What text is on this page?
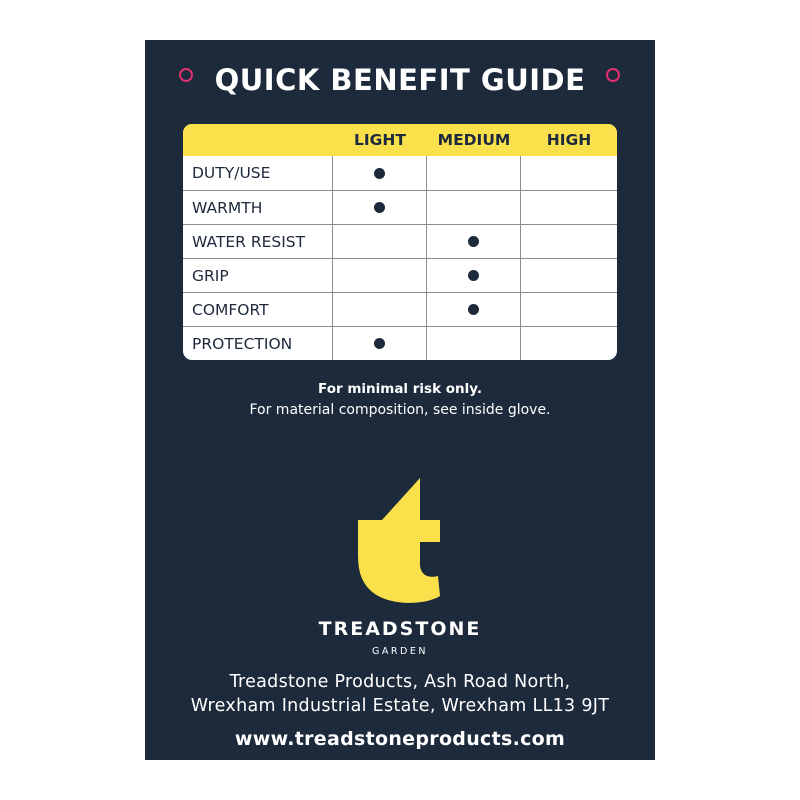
QUICK BENEFIT GUIDE
LIGHT	MEDIUM	HIGH
DUTY/USE
WARMTH
WATER RESIST
GRIP
COMFORT
PROTECTION
For minimal risk only.
For material composition, see inside glove.
TREADSTONE
GARDEN
Treadstone Products, Ash Road North,
Wrexham Industrial Estate, Wrexham LL13 9JT
www.treadstoneproducts.com
